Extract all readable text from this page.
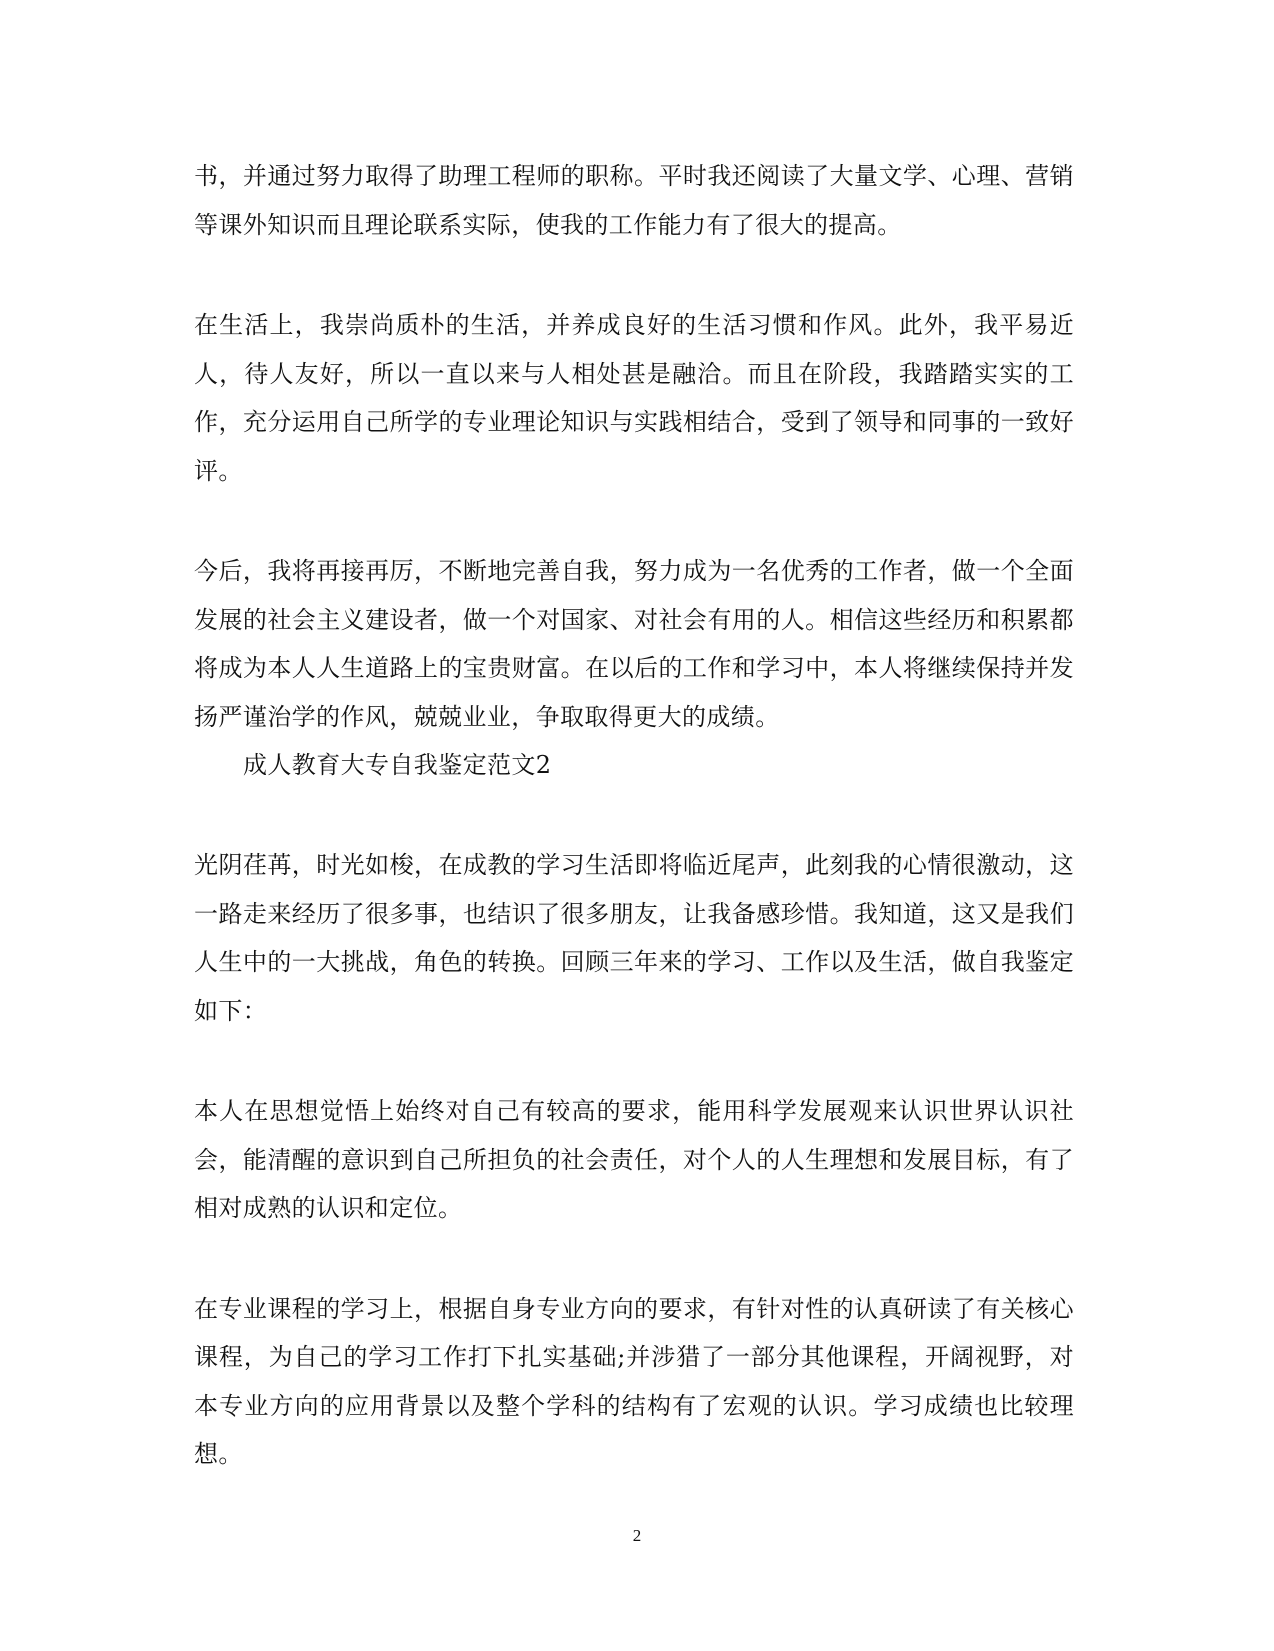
书，并通过努力取得了助理工程师的职称。平时我还阅读了大量文学、心理、营销等课外知识而且理论联系实际，使我的工作能力有了很大的提高。

在生活上，我崇尚质朴的生活，并养成良好的生活习惯和作风。此外，我平易近人，待人友好，所以一直以来与人相处甚是融洽。而且在阶段，我踏踏实实的工作，充分运用自己所学的专业理论知识与实践相结合，受到了领导和同事的一致好评。

今后，我将再接再厉，不断地完善自我，努力成为一名优秀的工作者，做一个全面发展的社会主义建设者，做一个对国家、对社会有用的人。相信这些经历和积累都将成为本人人生道路上的宝贵财富。在以后的工作和学习中，本人将继续保持并发扬严谨治学的作风，兢兢业业，争取取得更大的成绩。

成人教育大专自我鉴定范文2

光阴荏苒，时光如梭，在成教的学习生活即将临近尾声，此刻我的心情很激动，这一路走来经历了很多事，也结识了很多朋友，让我备感珍惜。我知道，这又是我们人生中的一大挑战，角色的转换。回顾三年来的学习、工作以及生活，做自我鉴定如下：

本人在思想觉悟上始终对自己有较高的要求，能用科学发展观来认识世界认识社会，能清醒的意识到自己所担负的社会责任，对个人的人生理想和发展目标，有了相对成熟的认识和定位。

在专业课程的学习上，根据自身专业方向的要求，有针对性的认真研读了有关核心课程，为自己的学习工作打下扎实基础;并涉猎了一部分其他课程，开阔视野，对本专业方向的应用背景以及整个学科的结构有了宏观的认识。学习成绩也比较理想。

2
